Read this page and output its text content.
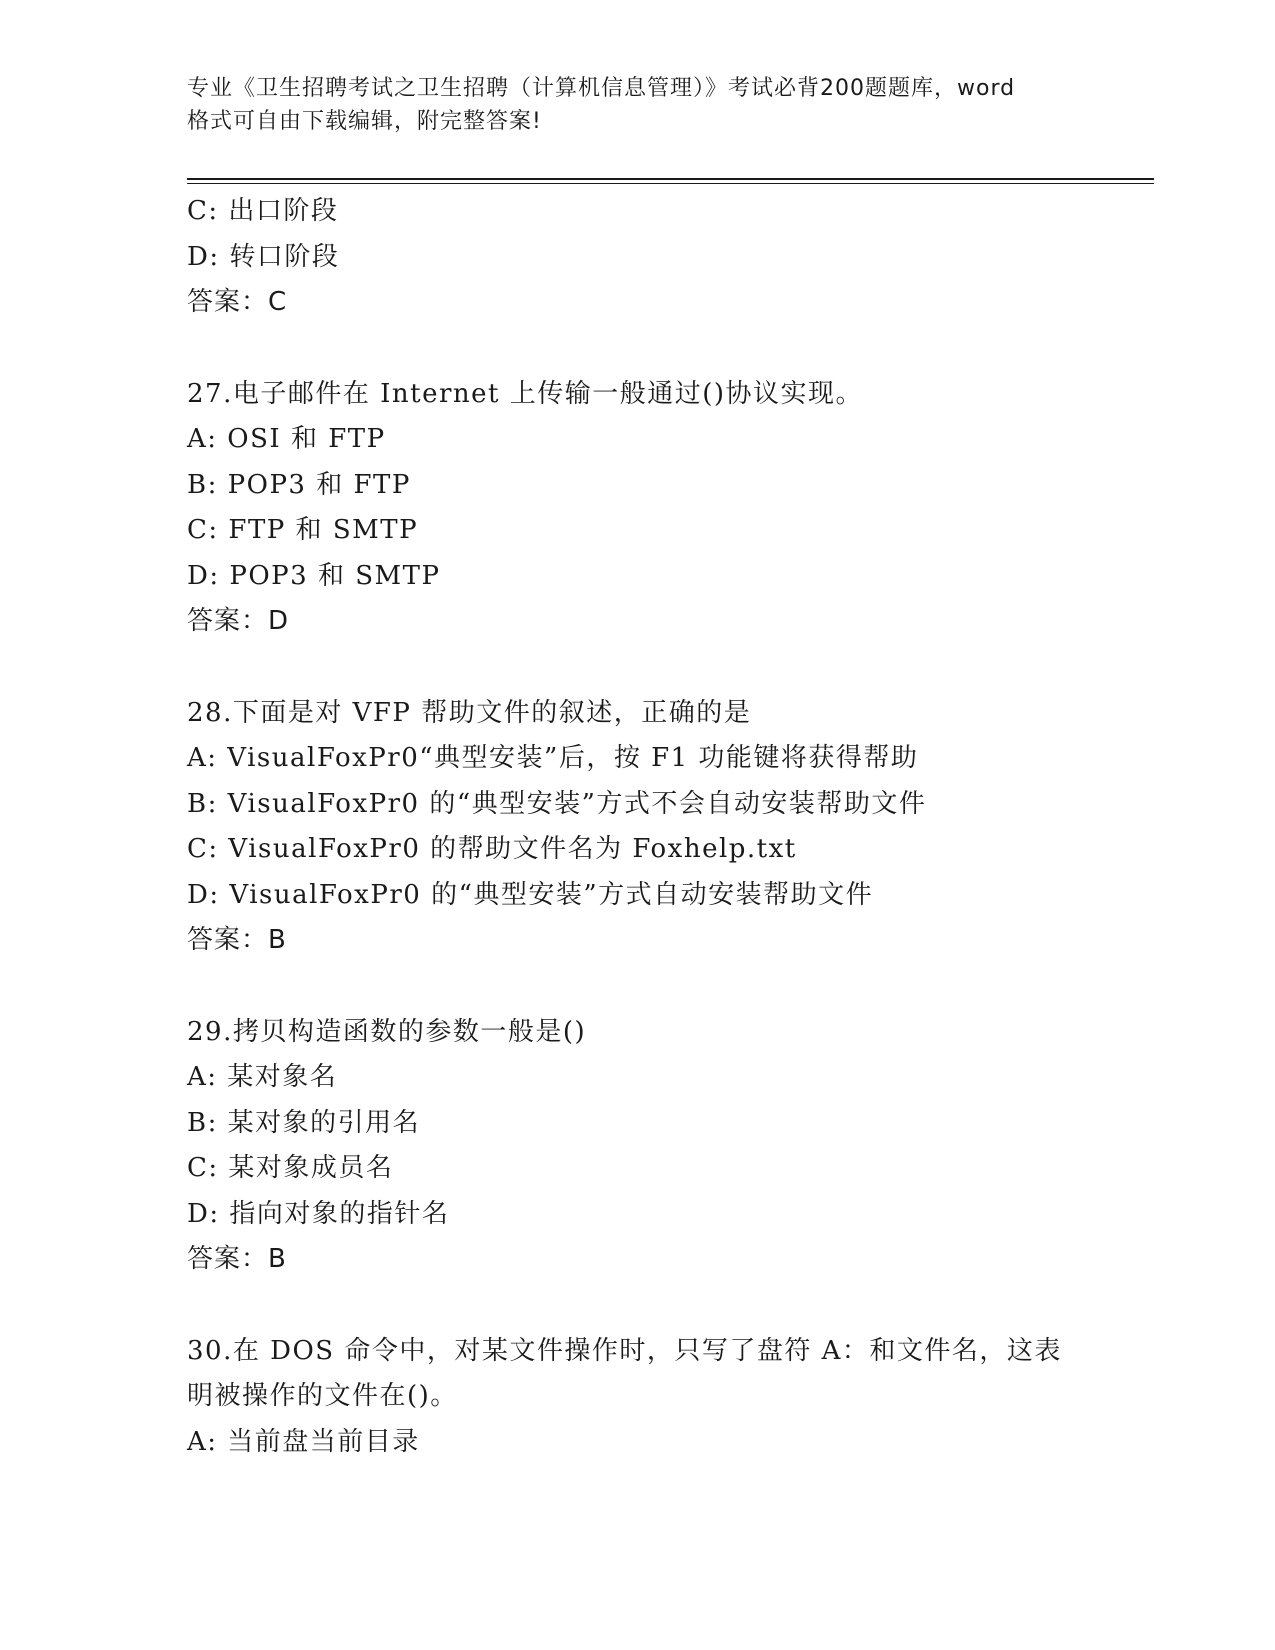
专业《卫生招聘考试之卫生招聘（计算机信息管理）》考试必背200题题库，word
格式可自由下载编辑，附完整答案!
C: 出口阶段
D: 转口阶段
答案：C
27.电子邮件在 Internet 上传输一般通过()协议实现。
A: OSI 和 FTP
B: POP3 和 FTP
C: FTP 和 SMTP
D: POP3 和 SMTP
答案：D
28.下面是对 VFP 帮助文件的叙述，正确的是
A: VisualFoxPr0“典型安装”后，按 F1 功能键将获得帮助
B: VisualFoxPr0 的“典型安装”方式不会自动安装帮助文件
C: VisualFoxPr0 的帮助文件名为 Foxhelp.txt
D: VisualFoxPr0 的“典型安装”方式自动安装帮助文件
答案：B
29.拷贝构造函数的参数一般是()
A: 某对象名
B: 某对象的引用名
C: 某对象成员名
D: 指向对象的指针名
答案：B
30.在 DOS 命令中，对某文件操作时，只写了盘符 A：和文件名，这表
明被操作的文件在()。
A: 当前盘当前目录
